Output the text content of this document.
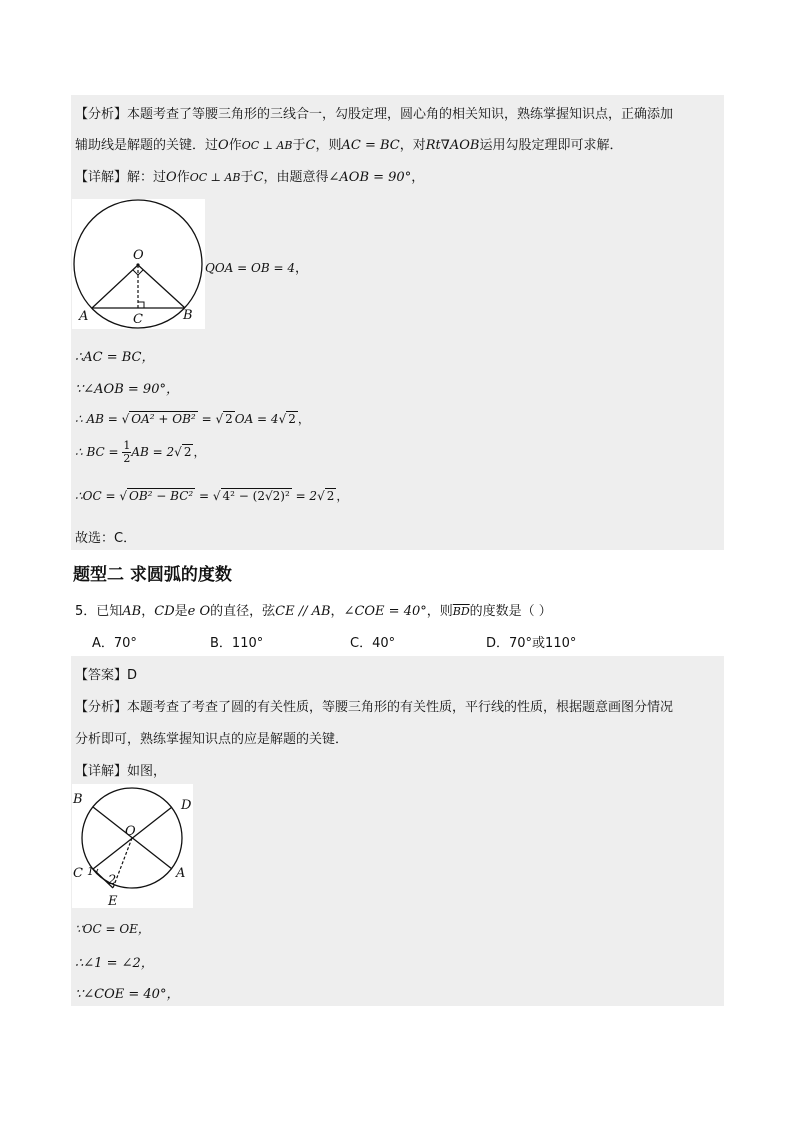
【分析】本题考查了等腰三角形的三线合一，勾股定理，圆心角的相关知识，熟练掌握知识点，正确添加
辅助线是解题的关键．过O作OC ⊥ AB于C，则AC = BC，对Rt∇AOB运用勾股定理即可求解．
【详解】解：过O作OC ⊥ AB于C，由题意得∠AOB = 90°，
O
A	B
C
QOA = OB = 4，
∴AC = BC，
∵∠AOB = 90°，
∴ AB = √ OA² + OB² = √ 2 OA = 4√ 2 ，
∴ BC = $\frac{1}{2}$ AB = 2√ 2 ，
∴OC = √ OB² − BC² = √ 4² − (2√2)² = 2√ 2 ，
故选：C．
题型二 求圆弧的度数
5．已知AB，CD是e O的直径，弦CE // AB，∠COE = 40°，则$\overline{BD}$的度数是（ ）
A．70°	B．110°	C．40°	D．70°或110°
【答案】D
【分析】本题考查了考查了圆的有关性质，等腰三角形的有关性质，平行线的性质，根据题意画图分情况
分析即可，熟练掌握知识点的应是解题的关键．
【详解】如图，
B	D
O
C	A
E
1
2
∵OC = OE，
∴∠1 = ∠2，
∵∠COE = 40°，
